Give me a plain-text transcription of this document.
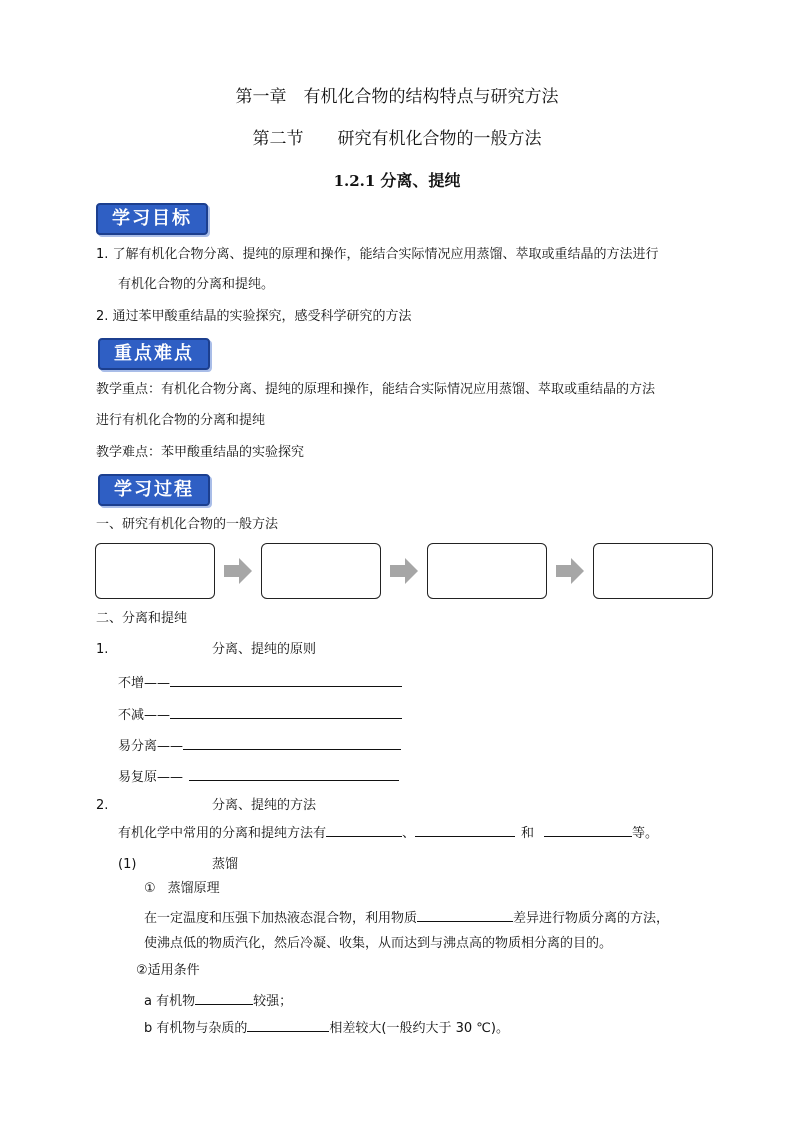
第一章　有机化合物的结构特点与研究方法
第二节　　研究有机化合物的一般方法
1.2.1 分离、提纯
学习目标
1. 了解有机化合物分离、提纯的原理和操作，能结合实际情况应用蒸馏、萃取或重结晶的方法进行
有机化合物的分离和提纯。
2. 通过苯甲酸重结晶的实验探究，感受科学研究的方法
重点难点
教学重点：有机化合物分离、提纯的原理和操作，能结合实际情况应用蒸馏、萃取或重结晶的方法
进行有机化合物的分离和提纯
教学难点：苯甲酸重结晶的实验探究
学习过程
一、研究有机化合物的一般方法
二、分离和提纯
1.	分离、提纯的原则
不增——
不减——
易分离——
易复原——
2.	分离、提纯的方法
有机化学中常用的分离和提纯方法有	、	和	等。
(1)	蒸馏
① 蒸馏原理
在一定温度和压强下加热液态混合物，利用物质	差异进行物质分离的方法，
使沸点低的物质汽化，然后冷凝、收集，从而达到与沸点高的物质相分离的目的。
②适用条件
a 有机物	较强；
b 有机物与杂质的	相差较大(一般约大于 30 ℃)。
